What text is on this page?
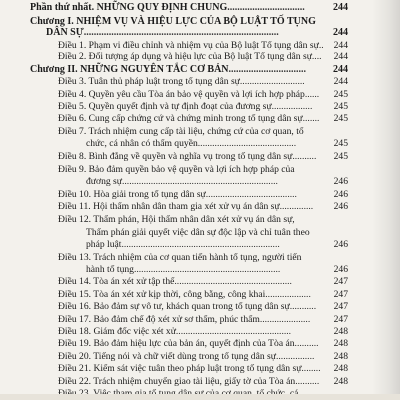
Phần thứ nhất. NHỮNG QUY ĐỊNH CHUNG...............................	244
Chương I. NHIỆM VỤ VÀ HIỆU LỰC CỦA BỘ LUẬT TỐ TỤNG
DÂN SỰ..............................................................................	244
Điều 1. Phạm vi điều chỉnh và nhiệm vụ của Bộ luật Tố tụng dân sự.. 244
Điều 2. Đối tượng áp dụng và hiệu lực của Bộ luật Tố tụng dân sự.... 244
Chương II. NHỮNG NGUYÊN TẮC CƠ BẢN...............................	244
Điều 3. Tuân thủ pháp luật trong tố tụng dân sự...........................	244
Điều 4. Quyền yêu cầu Tòa án bảo vệ quyền và lợi ích hợp pháp...... 245
Điều 5. Quyền quyết định và tự định đoạt của đương sự................. 245
Điều 6. Cung cấp chứng cứ và chứng minh trong tố tụng dân sự....... 245
Điều 7. Trách nhiệm cung cấp tài liệu, chứng cứ của cơ quan, tổ
chức, cá nhân có thẩm quyền.........................................	245
Điều 8. Bình đẳng về quyền và nghĩa vụ trong tố tụng dân sự.......... 245
Điều 9. Bảo đảm quyền bảo vệ quyền và lợi ích hợp pháp của
đương sự.................................................................	246
Điều 10. Hòa giải trong tố tụng dân sự......................................	246
Điều 11. Hội thẩm nhân dân tham gia xét xử vụ án dân sự.............. 246
Điều 12. Thẩm phán, Hội thẩm nhân dân xét xử vụ án dân sự,
Thẩm phán giải quyết việc dân sự độc lập và chỉ tuân theo
pháp luật..................................................................	246
Điều 13. Trách nhiệm của cơ quan tiến hành tố tụng, người tiến
hành tố tụng.............................................................	246
Điều 14. Tòa án xét xử tập thể.................................................	247
Điều 15. Tòa án xét xử kịp thời, công bằng, công khai................... 247
Điều 16. Bảo đảm sự vô tư, khách quan trong tố tụng dân sự........... 247
Điều 17. Bảo đảm chế độ xét xử sơ thẩm, phúc thẩm..................... 247
Điều 18. Giám đốc việc xét xử................................................	248
Điều 19. Bảo đảm hiệu lực của bản án, quyết định của Tòa án.......... 248
Điều 20. Tiếng nói và chữ viết dùng trong tố tụng dân sự................ 248
Điều 21. Kiểm sát việc tuân theo pháp luật trong tố tụng dân sự........ 248
Điều 22. Trách nhiệm chuyển giao tài liệu, giấy tờ của Tòa án.......... 248
